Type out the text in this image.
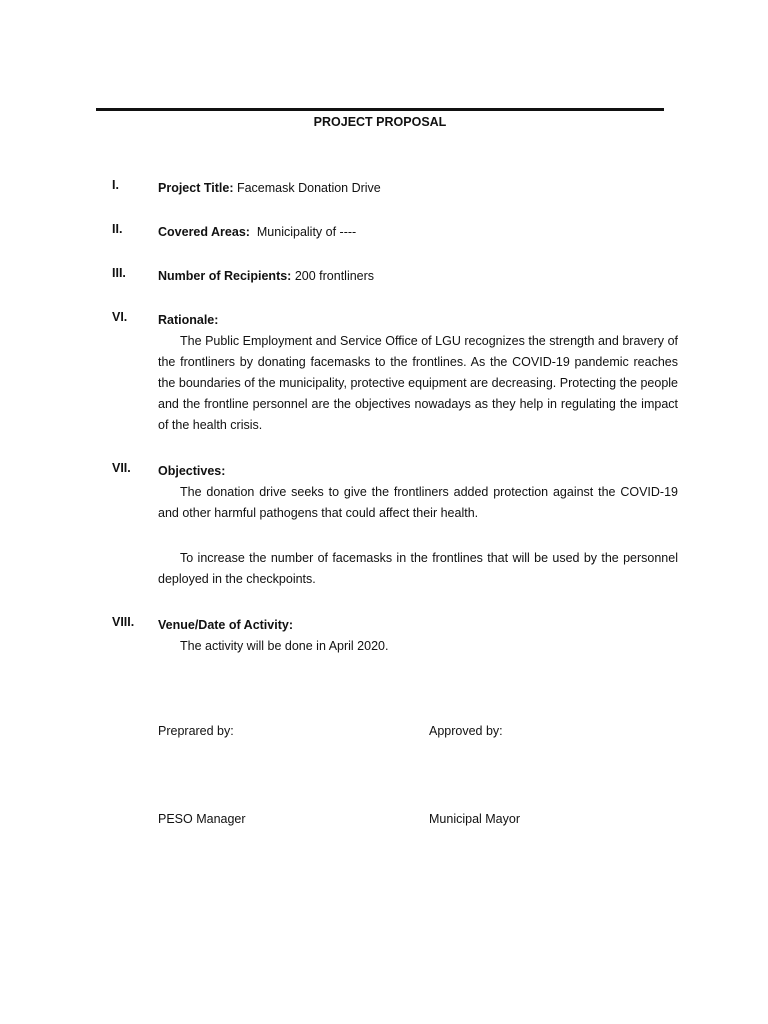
PROJECT PROPOSAL
I.	Project Title: Facemask Donation Drive
II.	Covered Areas:  Municipality of ----
III.	Number of Recipients: 200 frontliners
VI. Rationale:
The Public Employment and Service Office of LGU recognizes the strength and bravery of the frontliners by donating facemasks to the frontlines. As the COVID-19 pandemic reaches the boundaries of the municipality, protective equipment are decreasing. Protecting the people and the frontline personnel are the objectives nowadays as they help in regulating the impact of the health crisis.
VII. Objectives:
The donation drive seeks to give the frontliners added protection against the COVID-19 and other harmful pathogens that could affect their health.
To increase the number of facemasks in the frontlines that will be used by the personnel deployed in the checkpoints.
VIII. Venue/Date of Activity:
The activity will be done in April 2020.
Preprared by:	Approved by:
PESO Manager	Municipal Mayor
